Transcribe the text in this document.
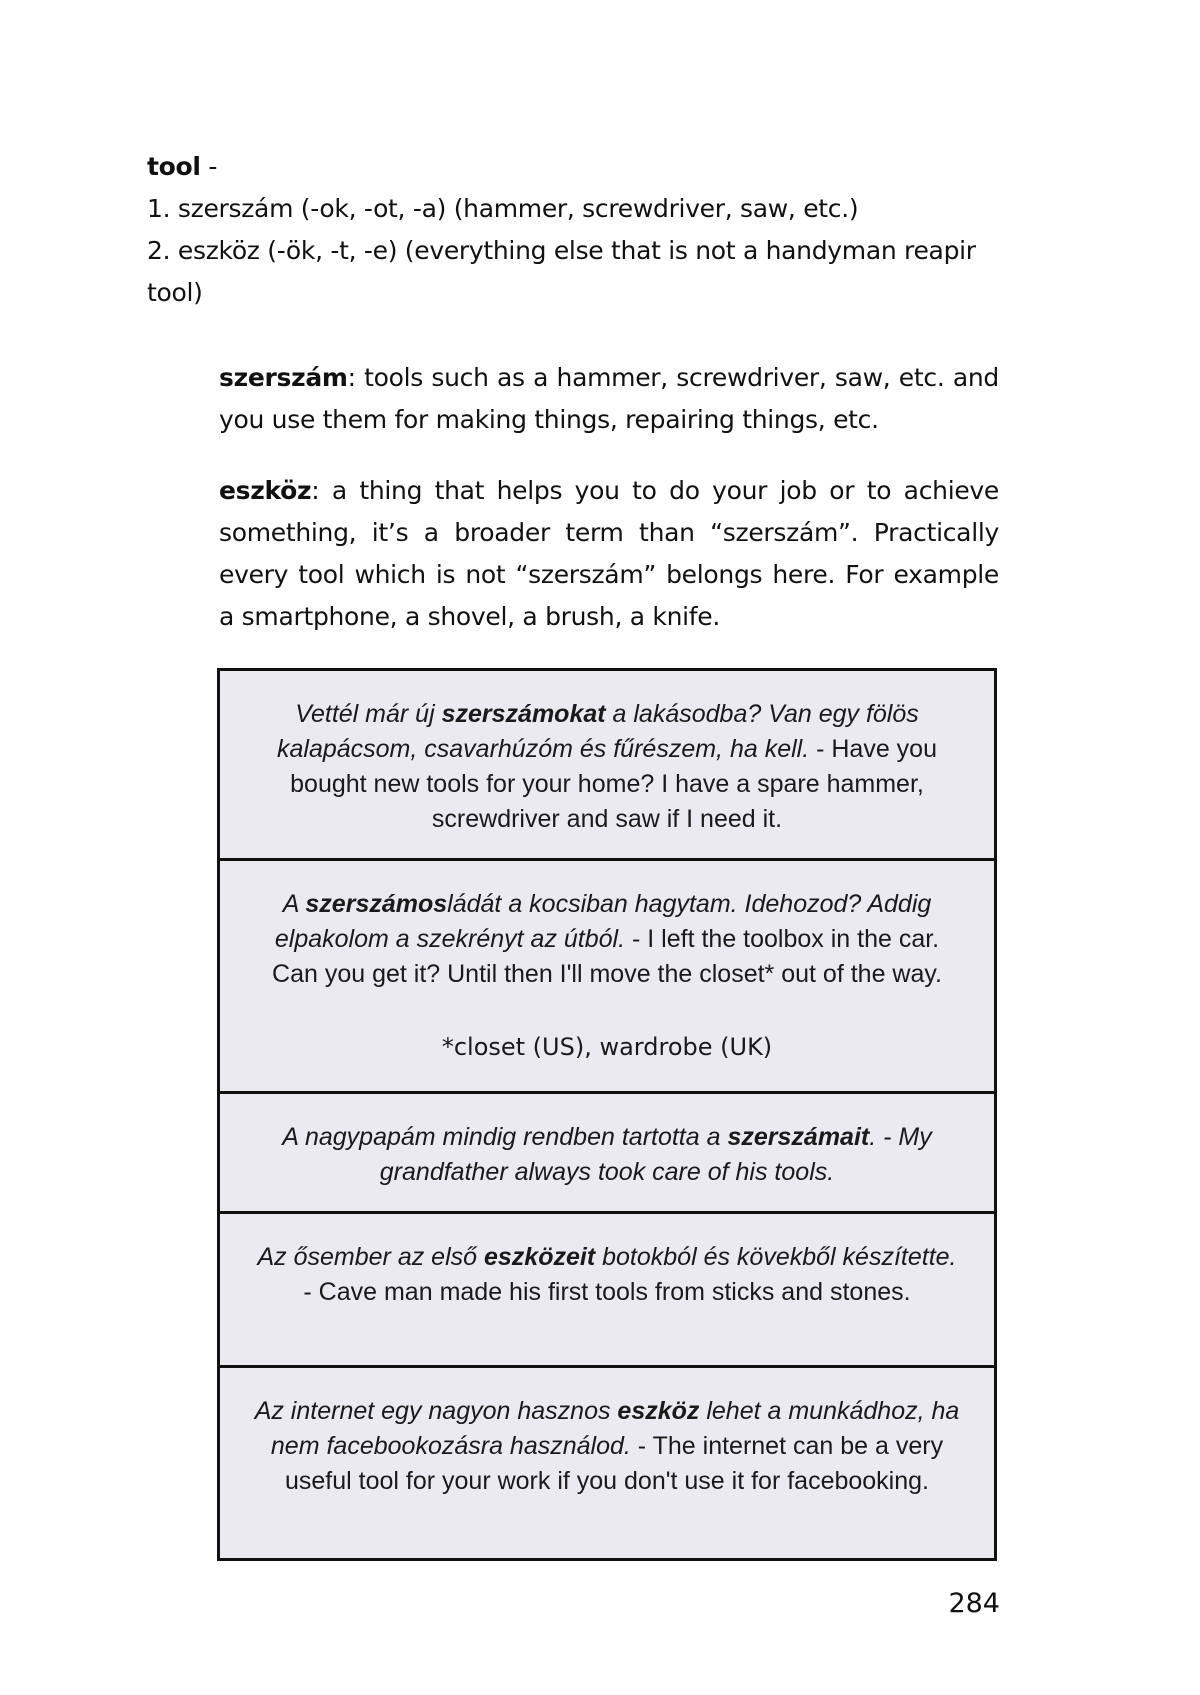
tool -

1. szerszám (-ok, -ot, -a) (hammer, screwdriver, saw, etc.)

2. eszköz (-ök, -t, -e) (everything else that is not a handyman reapir tool)

szerszám: tools such as a hammer, screwdriver, saw, etc. and you use them for making things, repairing things, etc.

eszköz: a thing that helps you to do your job or to achieve something, it’s a broader term than “szerszám”. Practically every tool which is not “szerszám” belongs here. For example a smartphone, a shovel, a brush, a knife.

Vettél már új szerszámokat a lakásodba? Van egy fölös kalapácsom, csavarhúzóm és fűrészem, ha kell. - Have you bought new tools for your home? I have a spare hammer, screwdriver and saw if I need it.
A szerszámosládát a kocsiban hagytam. Idehozod? Addig elpakolom a szekrényt az útból. - I left the toolbox in the car. Can you get it? Until then I'll move the closet* out of the way.
*closet (US), wardrobe (UK)
A nagypapám mindig rendben tartotta a szerszámait. - My grandfather always took care of his tools.
Az ősember az első eszközeit botokból és kövekből készítette. - Cave man made his first tools from sticks and stones.
Az internet egy nagyon hasznos eszköz lehet a munkádhoz, ha nem facebookozásra használod. - The internet can be a very useful tool for your work if you don't use it for facebooking.
284
